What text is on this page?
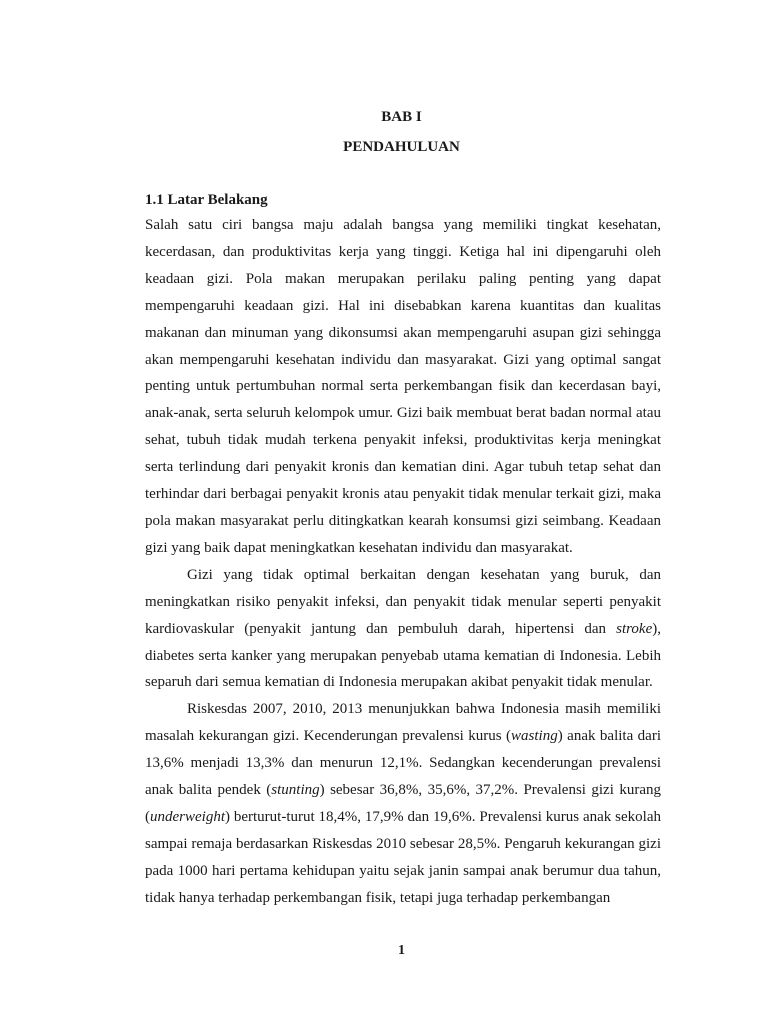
BAB I
PENDAHULUAN
1.1 Latar Belakang

Salah satu ciri bangsa maju adalah bangsa yang memiliki tingkat kesehatan, kecerdasan, dan produktivitas kerja yang tinggi. Ketiga hal ini dipengaruhi oleh keadaan gizi. Pola makan merupakan perilaku paling penting yang dapat mempengaruhi keadaan gizi. Hal ini disebabkan karena kuantitas dan kualitas makanan dan minuman yang dikonsumsi akan mempengaruhi asupan gizi sehingga akan mempengaruhi kesehatan individu dan masyarakat. Gizi yang optimal sangat penting untuk pertumbuhan normal serta perkembangan fisik dan kecerdasan bayi, anak-anak, serta seluruh kelompok umur. Gizi baik membuat berat badan normal atau sehat, tubuh tidak mudah terkena penyakit infeksi, produktivitas kerja meningkat serta terlindung dari penyakit kronis dan kematian dini. Agar tubuh tetap sehat dan terhindar dari berbagai penyakit kronis atau penyakit tidak menular terkait gizi, maka pola makan masyarakat perlu ditingkatkan kearah konsumsi gizi seimbang. Keadaan gizi yang baik dapat meningkatkan kesehatan individu dan masyarakat.

Gizi yang tidak optimal berkaitan dengan kesehatan yang buruk, dan meningkatkan risiko penyakit infeksi, dan penyakit tidak menular seperti penyakit kardiovaskular (penyakit jantung dan pembuluh darah, hipertensi dan stroke), diabetes serta kanker yang merupakan penyebab utama kematian di Indonesia. Lebih separuh dari semua kematian di Indonesia merupakan akibat penyakit tidak menular.

Riskesdas 2007, 2010, 2013 menunjukkan bahwa Indonesia masih memiliki masalah kekurangan gizi. Kecenderungan prevalensi kurus (wasting) anak balita dari 13,6% menjadi 13,3% dan menurun 12,1%. Sedangkan kecenderungan prevalensi anak balita pendek (stunting) sebesar 36,8%, 35,6%, 37,2%. Prevalensi gizi kurang (underweight) berturut-turut 18,4%, 17,9% dan 19,6%. Prevalensi kurus anak sekolah sampai remaja berdasarkan Riskesdas 2010 sebesar 28,5%. Pengaruh kekurangan gizi pada 1000 hari pertama kehidupan yaitu sejak janin sampai anak berumur dua tahun, tidak hanya terhadap perkembangan fisik, tetapi juga terhadap perkembangan

1
